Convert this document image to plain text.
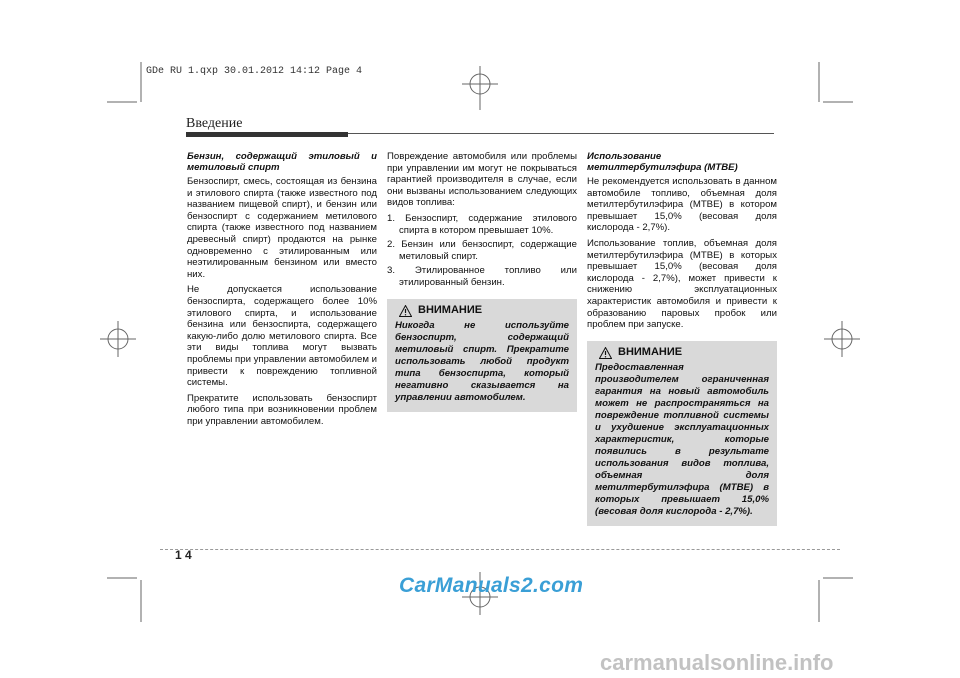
GDe RU 1.qxp 30.01.2012 14:12 Page 4
Введение
Бензин, содержащий этиловый и метиловый спирт

Бензоспирт, смесь, состоящая из бензина и этилового спирта (также известного под названием пищевой спирт), и бензин или бензоспирт с содержанием метилового спирта (также известного под названием древесный спирт) продаются на рынке одновременно с этилированным или неэтилированным бензином или вместо них.

Не допускается использование бензоспирта, содержащего более 10% этилового спирта, и использование бензина или бензоспирта, содержащего какую-либо долю метилового спирта. Все эти виды топлива могут вызвать проблемы при управлении автомобилем и привести к повреждению топливной системы.

Прекратите использовать бензоспирт любого типа при возникновении проблем при управлении автомобилем.

Повреждение автомобиля или проблемы при управлении им могут не покрываться гарантией производителя в случае, если они вызваны использованием следующих видов топлива:

1. Бензоспирт, содержание этилового спирта в котором превышает 10%.
2. Бензин или бензоспирт, содержащие метиловый спирт.
3. Этилированное топливо или этилированный бензин.
ВНИМАНИЕ
Никогда не используйте бензоспирт, содержащий метиловый спирт. Прекратите использовать любой продукт типа бензоспирта, который негативно сказывается на управлении автомобилем.
Использование метилтербутилэфира (MTBE)

Не рекомендуется использовать в данном автомобиле топливо, объемная доля метилтербутилэфира (MTBE) в котором превышает 15,0% (весовая доля кислорода - 2,7%).

Использование топлив, объемная доля метилтербутилэфира (MTBE) в которых превышает 15,0% (весовая доля кислорода - 2,7%), может привести к снижению эксплуатационных характеристик автомобиля и привести к образованию паровых пробок или проблем при запуске.

ВНИМАНИЕ
Предоставленная производителем ограниченная гарантия на новый автомобиль может не распространяться на повреждение топливной системы и ухудшение эксплуатационных характеристик, которые появились в результате использования видов топлива, объемная доля метилтербутилэфира (MTBE) в которых превышает 15,0% (весовая доля кислорода - 2,7%).
1 4
CarManuals2.com
carmanualsonline.info
